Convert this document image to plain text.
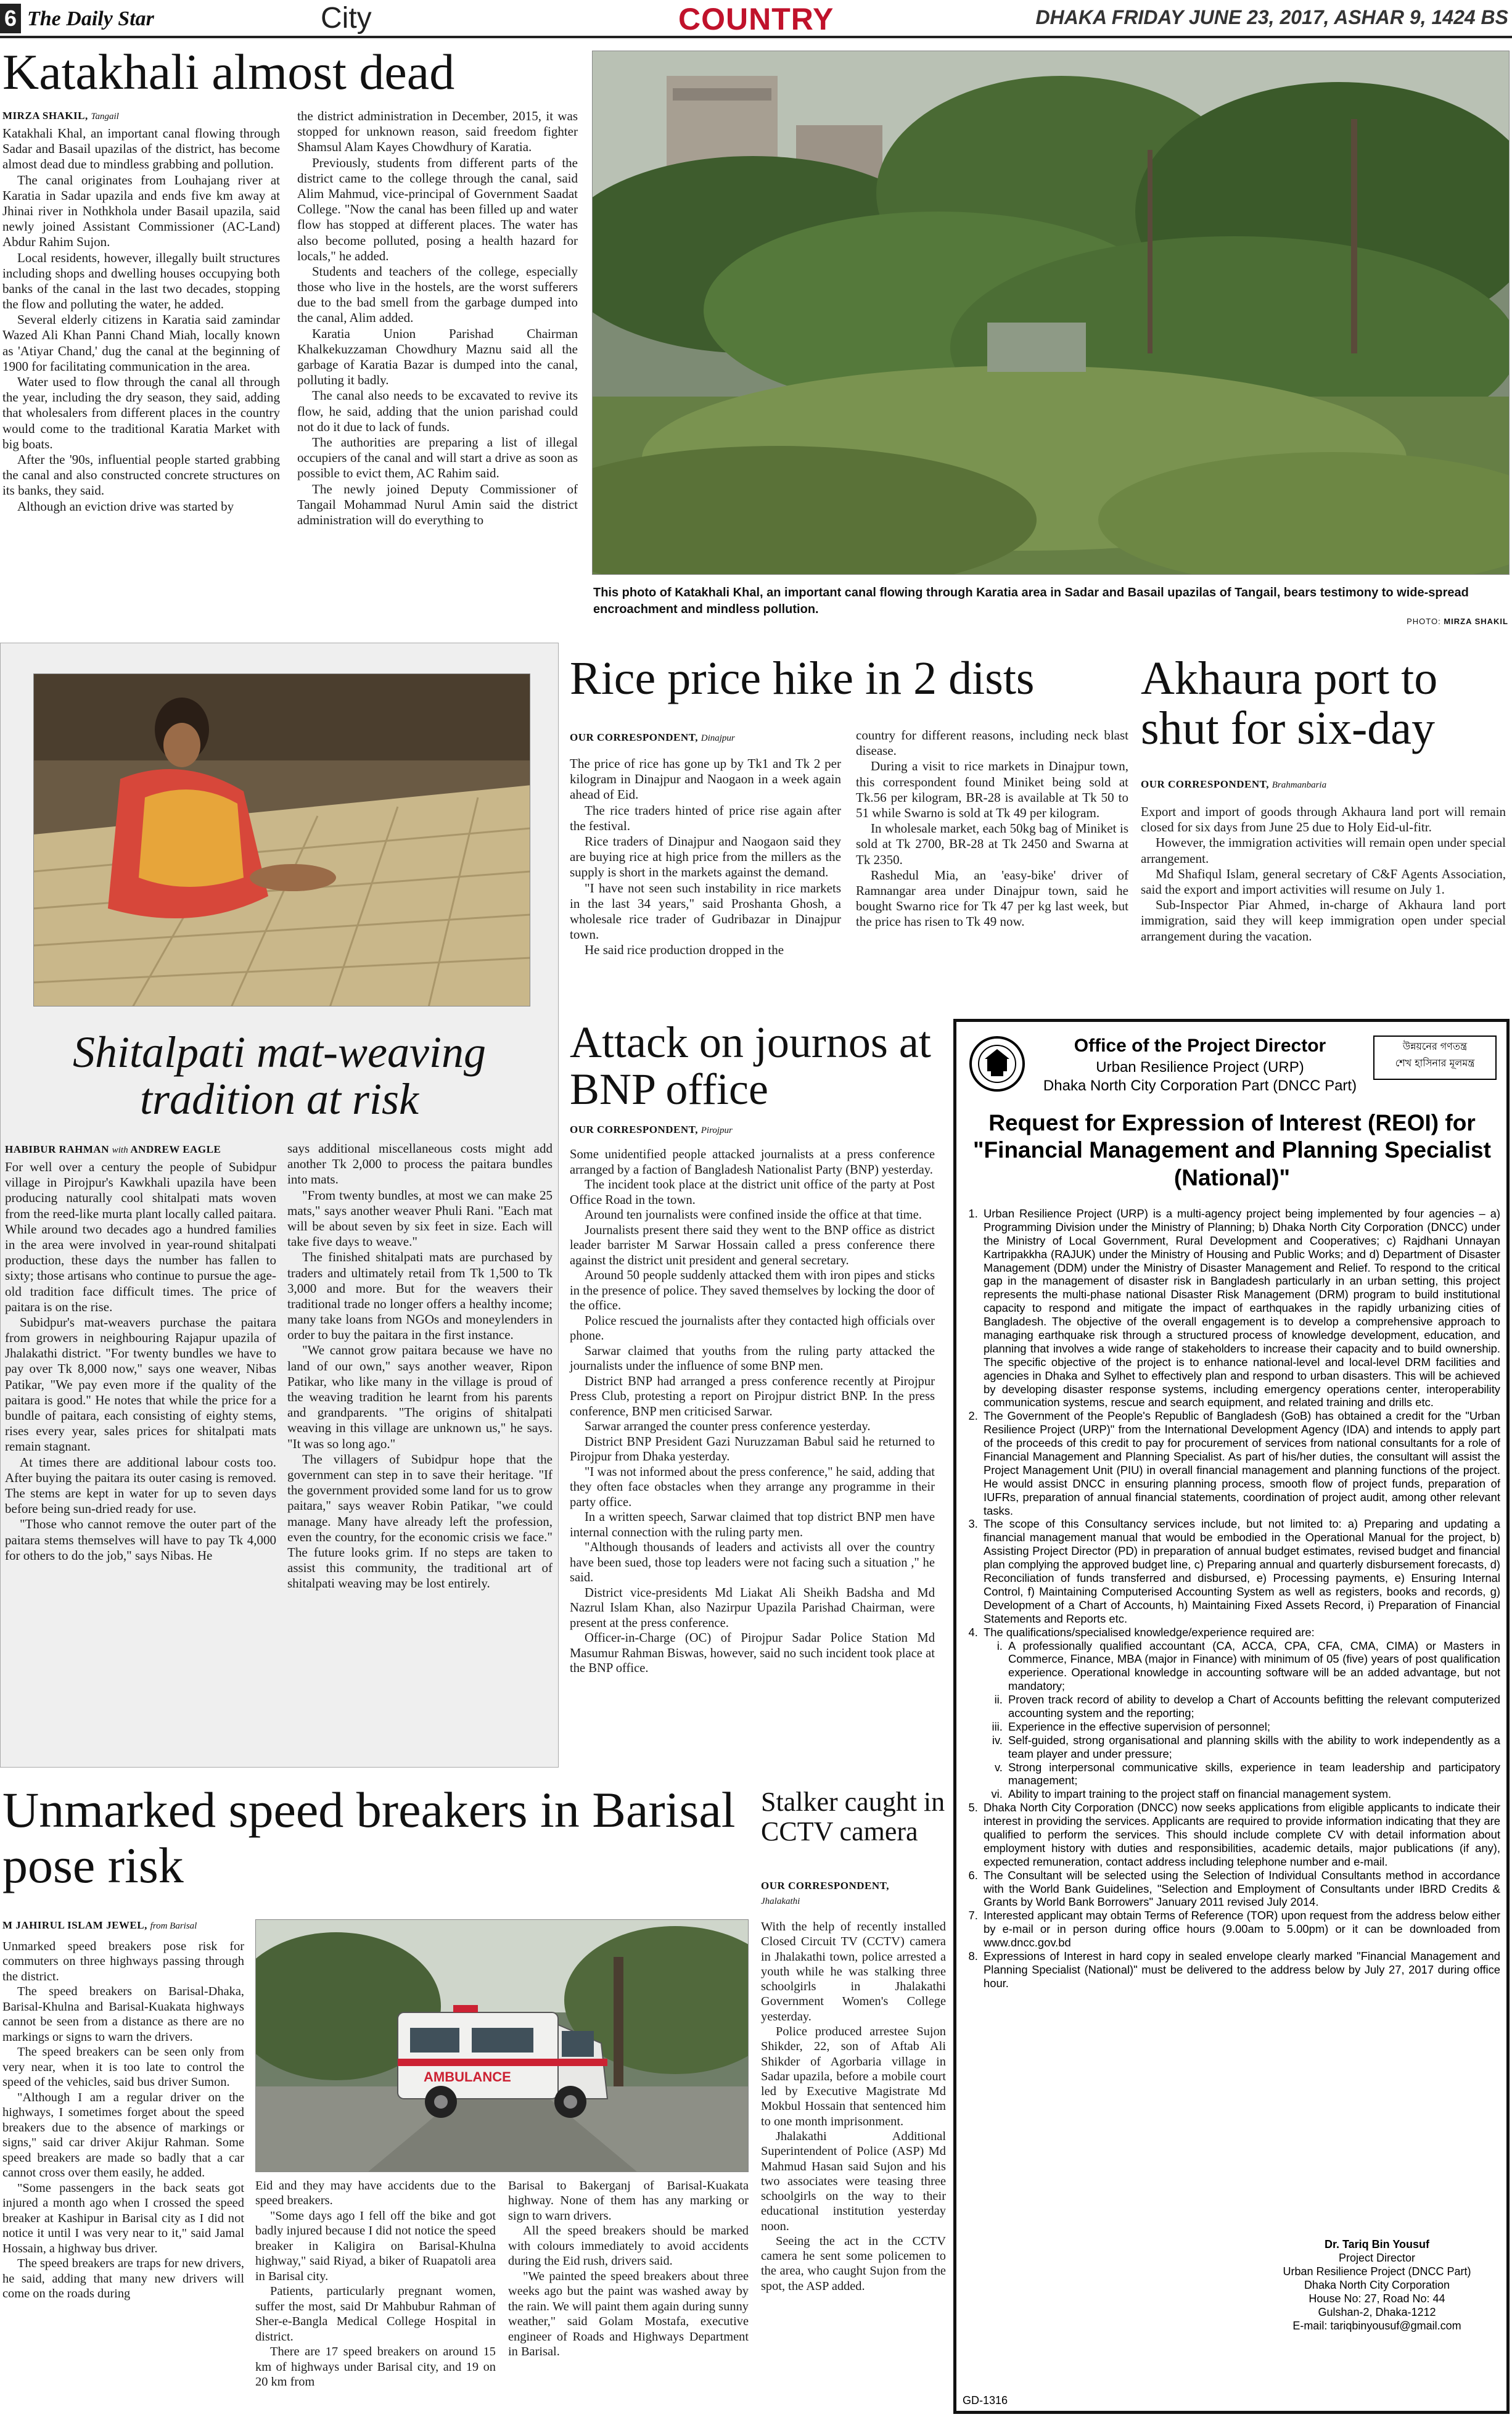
6 The Daily Star	City	COUNTRY	DHAKA FRIDAY JUNE 23, 2017, ASHAR 9, 1424 BS
Katakhali almost dead
MIRZA SHAKIL, Tangail

Katakhali Khal, an important canal flowing through Sadar and Basail upazilas of the district, has become almost dead due to mindless grabbing and pollution.

The canal originates from Louhajang river at Karatia in Sadar upazila and ends five km away at Jhinai river in Nothkhola under Basail upazila, said newly joined Assistant Commissioner (AC-Land) Abdur Rahim Sujon.

Local residents, however, illegally built structures including shops and dwelling houses occupying both banks of the canal in the last two decades, stopping the flow and polluting the water, he added.

Several elderly citizens in Karatia said zamindar Wazed Ali Khan Panni Chand Miah, locally known as 'Atiyar Chand,' dug the canal at the beginning of 1900 for facilitating communication in the area.

Water used to flow through the canal all through the year, including the dry season, they said, adding that wholesalers from different places in the country would come to the traditional Karatia Market with big boats.

After the '90s, influential people started grabbing the canal and also constructed concrete structures on its banks, they said.

Although an eviction drive was started by

the district administration in December, 2015, it was stopped for unknown reason, said freedom fighter Shamsul Alam Kayes Chowdhury of Karatia.

Previously, students from different parts of the district came to the college through the canal, said Alim Mahmud, vice-principal of Government Saadat College. "Now the canal has been filled up and water flow has stopped at different places. The water has also become polluted, posing a health hazard for locals," he added.

Students and teachers of the college, especially those who live in the hostels, are the worst sufferers due to the bad smell from the garbage dumped into the canal, Alim added.

Karatia Union Parishad Chairman Khalkekuzzaman Chowdhury Maznu said all the garbage of Karatia Bazar is dumped into the canal, polluting it badly.

The canal also needs to be excavated to revive its flow, he said, adding that the union parishad could not do it due to lack of funds.

The authorities are preparing a list of illegal occupiers of the canal and will start a drive as soon as possible to evict them, AC Rahim said.

The newly joined Deputy Commissioner of Tangail Mohammad Nurul Amin said the district administration will do everything to

This photo of Katakhali Khal, an important canal flowing through Karatia area in Sadar and Basail upazilas of Tangail, bears testimony to wide-spread encroachment and mindless pollution.
PHOTO: MIRZA SHAKIL
Shitalpati mat-weaving tradition at risk
HABIBUR RAHMAN with ANDREW EAGLE

For well over a century the people of Subidpur village in Pirojpur's Kawkhali upazila have been producing naturally cool shitalpati mats woven from the reed-like murta plant locally called paitara. While around two decades ago a hundred families in the area were involved in year-round shitalpati production, these days the number has fallen to sixty; those artisans who continue to pursue the age-old tradition face difficult times. The price of paitara is on the rise.

Subidpur's mat-weavers purchase the paitara from growers in neighbouring Rajapur upazila of Jhalakathi district. "For twenty bundles we have to pay over Tk 8,000 now," says one weaver, Nibas Patikar, "We pay even more if the quality of the paitara is good." He notes that while the price for a bundle of paitara, each consisting of eighty stems, rises every year, sales prices for shitalpati mats remain stagnant.

At times there are additional labour costs too. After buying the paitara its outer casing is removed. The stems are kept in water for up to seven days before being sun-dried ready for use.

"Those who cannot remove the outer part of the paitara stems themselves will have to pay Tk 4,000 for others to do the job," says Nibas. He

says additional miscellaneous costs might add another Tk 2,000 to process the paitara bundles into mats.

"From twenty bundles, at most we can make 25 mats," says another weaver Phuli Rani. "Each mat will be about seven by six feet in size. Each will take five days to weave."

The finished shitalpati mats are purchased by traders and ultimately retail from Tk 1,500 to Tk 3,000 and more. But for the weavers their traditional trade no longer offers a healthy income; many take loans from NGOs and moneylenders in order to buy the paitara in the first instance.

"We cannot grow paitara because we have no land of our own," says another weaver, Ripon Patikar, who like many in the village is proud of the weaving tradition he learnt from his parents and grandparents. "The origins of shitalpati weaving in this village are unknown us," he says. "It was so long ago."

The villagers of Subidpur hope that the government can step in to save their heritage. "If the government provided some land for us to grow paitara," says weaver Robin Patikar, "we could manage. Many have already left the profession, even the country, for the economic crisis we face." The future looks grim. If no steps are taken to assist this community, the traditional art of shitalpati weaving may be lost entirely.

Rice price hike in 2 dists
OUR CORRESPONDENT, Dinajpur

The price of rice has gone up by Tk1 and Tk 2 per kilogram in Dinajpur and Naogaon in a week again ahead of Eid.

The rice traders hinted of price rise again after the festival.

Rice traders of Dinajpur and Naogaon said they are buying rice at high price from the millers as the supply is short in the markets against the demand.

"I have not seen such instability in rice markets in the last 34 years," said Proshanta Ghosh, a wholesale rice trader of Gudribazar in Dinajpur town.

He said rice production dropped in the

country for different reasons, including neck blast disease.

During a visit to rice markets in Dinajpur town, this correspondent found Miniket being sold at Tk.56 per kilogram, BR-28 is available at Tk 50 to 51 while Swarno is sold at Tk 49 per kilogram.

In wholesale market, each 50kg bag of Miniket is sold at Tk 2700, BR-28 at Tk 2450 and Swarna at Tk 2350.

Rashedul Mia, an 'easy-bike' driver of Ramnangar area under Dinajpur town, said he bought Swarno rice for Tk 47 per kg last week, but the price has risen to Tk 49 now.

Akhaura port to shut for six-day
OUR CORRESPONDENT, Brahmanbaria

Export and import of goods through Akhaura land port will remain closed for six days from June 25 due to Holy Eid-ul-fitr.

However, the immigration activities will remain open under special arrangement.

Md Shafiqul Islam, general secretary of C&F Agents Association, said the export and import activities will resume on July 1.

Sub-Inspector Piar Ahmed, in-charge of Akhaura land port immigration, said they will keep immigration open under special arrangement during the vacation.

Attack on journos at BNP office
OUR CORRESPONDENT, Pirojpur

Some unidentified people attacked journalists at a press conference arranged by a faction of Bangladesh Nationalist Party (BNP) yesterday.

The incident took place at the district unit office of the party at Post Office Road in the town.

Around ten journalists were confined inside the office at that time.

Journalists present there said they went to the BNP office as district leader barrister M Sarwar Hossain called a press conference there against the district unit president and general secretary.

Around 50 people suddenly attacked them with iron pipes and sticks in the presence of police. They saved themselves by locking the door of the office.

Police rescued the journalists after they contacted high officials over phone.

Sarwar claimed that youths from the ruling party attacked the journalists under the influence of some BNP men.

District BNP had arranged a press conference recently at Pirojpur Press Club, protesting a report on Pirojpur district BNP. In the press conference, BNP men criticised Sarwar.

Sarwar arranged the counter press conference yesterday.

District BNP President Gazi Nuruzzaman Babul said he returned to Pirojpur from Dhaka yesterday.

"I was not informed about the press conference," he said, adding that they often face obstacles when they arrange any programme in their party office.

In a written speech, Sarwar claimed that top district BNP men have internal connection with the ruling party men.

"Although thousands of leaders and activists all over the country have been sued, those top leaders were not facing such a situation ," he said.

District vice-presidents Md Liakat Ali Sheikh Badsha and Md Nazrul Islam Khan, also Nazirpur Upazila Parishad Chairman, were present at the press conference.

Officer-in-Charge (OC) of Pirojpur Sadar Police Station Md Masumur Rahman Biswas, however, said no such incident took place at the BNP office.

উন্নয়নের গণতন্ত্র
শেখ হাসিনার মূলমন্ত্র
Office of the Project Director
Urban Resilience Project (URP)
Dhaka North City Corporation Part (DNCC Part)
Request for Expression of Interest (REOI) for "Financial Management and Planning Specialist (National)"
1. Urban Resilience Project (URP) is a multi-agency project being implemented by four agencies – a) Programming Division under the Ministry of Planning; b) Dhaka North City Corporation (DNCC) under the Ministry of Local Government, Rural Development and Cooperatives; c) Rajdhani Unnayan Kartripakkha (RAJUK) under the Ministry of Housing and Public Works; and d) Department of Disaster Management (DDM) under the Ministry of Disaster Management and Relief. To respond to the critical gap in the management of disaster risk in Bangladesh particularly in an urban setting, this project represents the multi-phase national Disaster Risk Management (DRM) program to build institutional capacity to respond and mitigate the impact of earthquakes in the rapidly urbanizing cities of Bangladesh. The objective of the overall engagement is to develop a comprehensive approach to managing earthquake risk through a structured process of knowledge development, education, and planning that involves a wide range of stakeholders to increase their capacity and to build ownership. The specific objective of the project is to enhance national-level and local-level DRM facilities and agencies in Dhaka and Sylhet to effectively plan and respond to urban disasters. This will be achieved by developing disaster response systems, including emergency operations center, interoperability communication systems, rescue and search equipment, and related training and drills etc.
2. The Government of the People's Republic of Bangladesh (GoB) has obtained a credit for the "Urban Resilience Project (URP)" from the International Development Agency (IDA) and intends to apply part of the proceeds of this credit to pay for procurement of services from national consultants for a role of Financial Management and Planning Specialist. As part of his/her duties, the consultant will assist the Project Management Unit (PIU) in overall financial management and planning functions of the project. He would assist DNCC in ensuring planning process, smooth flow of project funds, preparation of IUFRs, preparation of annual financial statements, coordination of project audit, among other relevant tasks.
3. The scope of this Consultancy services include, but not limited to: a) Preparing and updating a financial management manual that would be embodied in the Operational Manual for the project, b) Assisting Project Director (PD) in preparation of annual budget estimates, revised budget and financial plan complying the approved budget line, c) Preparing annual and quarterly disbursement forecasts, d) Reconciliation of funds transferred and disbursed, e) Processing payments, e) Ensuring Internal Control, f) Maintaining Computerised Accounting System as well as registers, books and records, g) Development of a Chart of Accounts, h) Maintaining Fixed Assets Record, i) Preparation of Financial Statements and Reports etc.
4. The qualifications/specialised knowledge/experience required are:
i. A professionally qualified accountant (CA, ACCA, CPA, CFA, CMA, CIMA) or Masters in Commerce, Finance, MBA (major in Finance) with minimum of 05 (five) years of post qualification experience. Operational knowledge in accounting software will be an added advantage, but not mandatory;
ii. Proven track record of ability to develop a Chart of Accounts befitting the relevant computerized accounting system and the reporting;
iii. Experience in the effective supervision of personnel;
iv. Self-guided, strong organisational and planning skills with the ability to work independently as a team player and under pressure;
v. Strong interpersonal communicative skills, experience in team leadership and participatory management;
vi. Ability to impart training to the project staff on financial management system.
5. Dhaka North City Corporation (DNCC) now seeks applications from eligible applicants to indicate their interest in providing the services. Applicants are required to provide information indicating that they are qualified to perform the services. This should include complete CV with detail information about employment history with duties and responsibilities, academic details, major publications (if any), expected remuneration, contact address including telephone number and e-mail.
6. The Consultant will be selected using the Selection of Individual Consultants method in accordance with the World Bank Guidelines, "Selection and Employment of Consultants under IBRD Credits & Grants by World Bank Borrowers" January 2011 revised July 2014.
7. Interested applicant may obtain Terms of Reference (TOR) upon request from the address below either by e-mail or in person during office hours (9.00am to 5.00pm) or it can be downloaded from www.dncc.gov.bd
8. Expressions of Interest in hard copy in sealed envelope clearly marked "Financial Management and Planning Specialist (National)" must be delivered to the address below by July 27, 2017 during office hour.
Dr. Tariq Bin Yousuf
Project Director
Urban Resilience Project (DNCC Part)
Dhaka North City Corporation
House No: 27, Road No: 44
Gulshan-2, Dhaka-1212
E-mail: tariqbinyousuf@gmail.com
GD-1316
Unmarked speed breakers in Barisal pose risk
M JAHIRUL ISLAM JEWEL, from Barisal

Unmarked speed breakers pose risk for commuters on three highways passing through the district.

The speed breakers on Barisal-Dhaka, Barisal-Khulna and Barisal-Kuakata highways cannot be seen from a distance as there are no markings or signs to warn the drivers.

The speed breakers can be seen only from very near, when it is too late to control the speed of the vehicles, said bus driver Sumon.

"Although I am a regular driver on the highways, I sometimes forget about the speed breakers due to the absence of markings or signs," said car driver Akijur Rahman. Some speed breakers are made so badly that a car cannot cross over them easily, he added.

"Some passengers in the back seats got injured a month ago when I crossed the speed breaker at Kashipur in Barisal city as I did not notice it until I was very near to it," said Jamal Hossain, a highway bus driver.

The speed breakers are traps for new drivers, he said, adding that many new drivers will come on the roads during

AMBULANCE

Eid and they may have accidents due to the speed breakers.

"Some days ago I fell off the bike and got badly injured because I did not notice the speed breaker in Kaligira on Barisal-Khulna highway," said Riyad, a biker of Ruapatoli area in Barisal city.

Patients, particularly pregnant women, suffer the most, said Dr Mahbubur Rahman of Sher-e-Bangla Medical College Hospital in district.

There are 17 speed breakers on around 15 km of highways under Barisal city, and 19 on 20 km from

Barisal to Bakerganj of Barisal-Kuakata highway. None of them has any marking or sign to warn drivers.

All the speed breakers should be marked with colours immediately to avoid accidents during the Eid rush, drivers said.

"We painted the speed breakers about three weeks ago but the paint was washed away by the rain. We will paint them again during sunny weather," said Golam Mostafa, executive engineer of Roads and Highways Department in Barisal.

Stalker caught in CCTV camera
OUR CORRESPONDENT,
Jhalakathi

With the help of recently installed Closed Circuit TV (CCTV) camera in Jhalakathi town, police arrested a youth while he was stalking three schoolgirls in Jhalakathi Government Women's College yesterday.

Police produced arrestee Sujon Shikder, 22, son of Aftab Ali Shikder of Agorbaria village in Sadar upazila, before a mobile court led by Executive Magistrate Md Mokbul Hossain that sentenced him to one month imprisonment.

Jhalakathi Additional Superintendent of Police (ASP) Md Mahmud Hasan said Sujon and his two associates were teasing three schoolgirls on the way to their educational institution yesterday noon.

Seeing the act in the CCTV camera he sent some policemen to the area, who caught Sujon from the spot, the ASP added.
